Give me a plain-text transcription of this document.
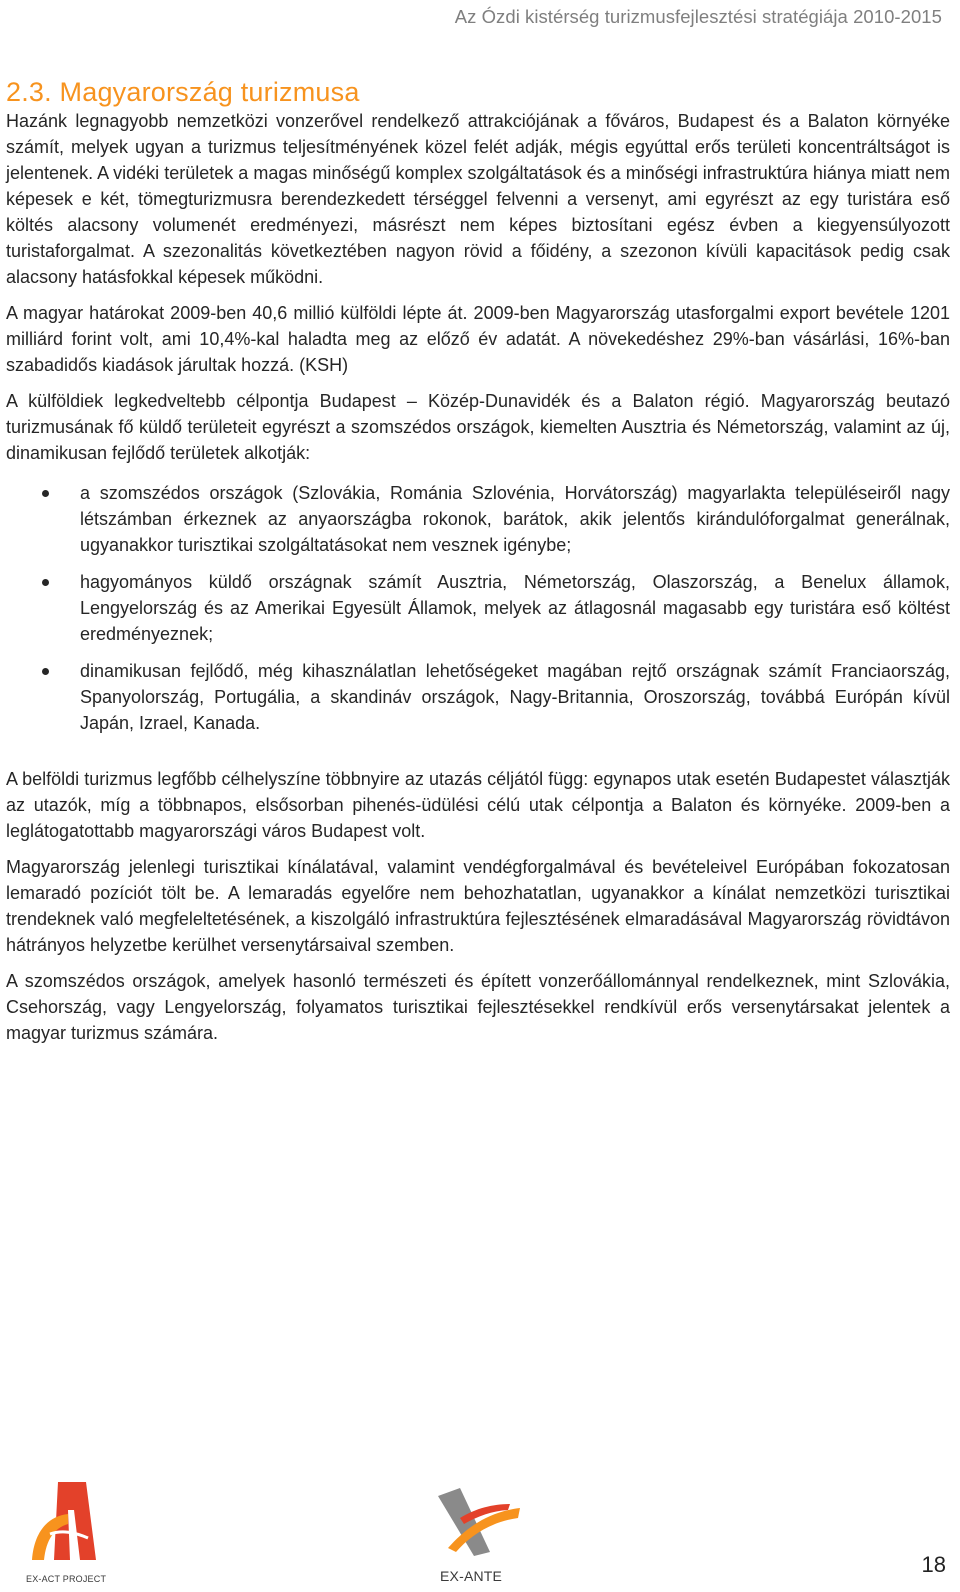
Az Ózdi kistérség turizmusfejlesztési stratégiája 2010-2015
2.3. Magyarország turizmusa

Hazánk legnagyobb nemzetközi vonzerővel rendelkező attrakciójának a főváros, Budapest és a Balaton környéke számít, melyek ugyan a turizmus teljesítményének közel felét adják, mégis egyúttal erős területi koncentráltságot is jelentenek. A vidéki területek a magas minőségű komplex szolgáltatások és a minőségi infrastruktúra hiánya miatt nem képesek e két, tömegturizmusra berendezkedett térséggel felvenni a versenyt, ami egyrészt az egy turistára eső költés alacsony volumenét eredményezi, másrészt nem képes biztosítani egész évben a kiegyensúlyozott turistaforgalmat. A szezonalitás következtében nagyon rövid a főidény, a szezonon kívüli kapacitások pedig csak alacsony hatásfokkal képesek működni.

A magyar határokat 2009-ben 40,6 millió külföldi lépte át. 2009-ben Magyarország utasforgalmi export bevétele 1201 milliárd forint volt, ami 10,4%-kal haladta meg az előző év adatát. A növekedéshez 29%-ban vásárlási, 16%-ban szabadidős kiadások járultak hozzá. (KSH)

A külföldiek legkedveltebb célpontja Budapest – Közép-Dunavidék és a Balaton régió. Magyarország beutazó turizmusának fő küldő területeit egyrészt a szomszédos országok, kiemelten Ausztria és Németország, valamint az új, dinamikusan fejlődő területek alkotják:

a szomszédos országok (Szlovákia, Románia Szlovénia, Horvátország) magyarlakta településeiről nagy létszámban érkeznek az anyaországba rokonok, barátok, akik jelentős kirándulóforgalmat generálnak, ugyanakkor turisztikai szolgáltatásokat nem vesznek igénybe;
hagyományos küldő országnak számít Ausztria, Németország, Olaszország, a Benelux államok, Lengyelország és az Amerikai Egyesült Államok, melyek az átlagosnál magasabb egy turistára eső költést eredményeznek;
dinamikusan fejlődő, még kihasználatlan lehetőségeket magában rejtő országnak számít Franciaország, Spanyolország, Portugália, a skandináv országok, Nagy-Britannia, Oroszország, továbbá Európán kívül Japán, Izrael, Kanada.

A belföldi turizmus legfőbb célhelyszíne többnyire az utazás céljától függ: egynapos utak esetén Budapestet választják az utazók, míg a többnapos, elsősorban pihenés-üdülési célú utak célpontja a Balaton és környéke. 2009-ben a leglátogatottabb magyarországi város Budapest volt.

Magyarország jelenlegi turisztikai kínálatával, valamint vendégforgalmával és bevételeivel Európában fokozatosan lemaradó pozíciót tölt be. A lemaradás egyelőre nem behozhatatlan, ugyanakkor a kínálat nemzetközi turisztikai trendeknek való megfeleltetésének, a kiszolgáló infrastruktúra fejlesztésének elmaradásával Magyarország rövidtávon hátrányos helyzetbe kerülhet versenytársaival szemben.

A szomszédos országok, amelyek hasonló természeti és épített vonzerőállománnyal rendelkeznek, mint Szlovákia, Csehország, vagy Lengyelország, folyamatos turisztikai fejlesztésekkel rendkívül erős versenytársakat jelentek a magyar turizmus számára.

EX-ACT PROJECT	EX-ANTE	18
